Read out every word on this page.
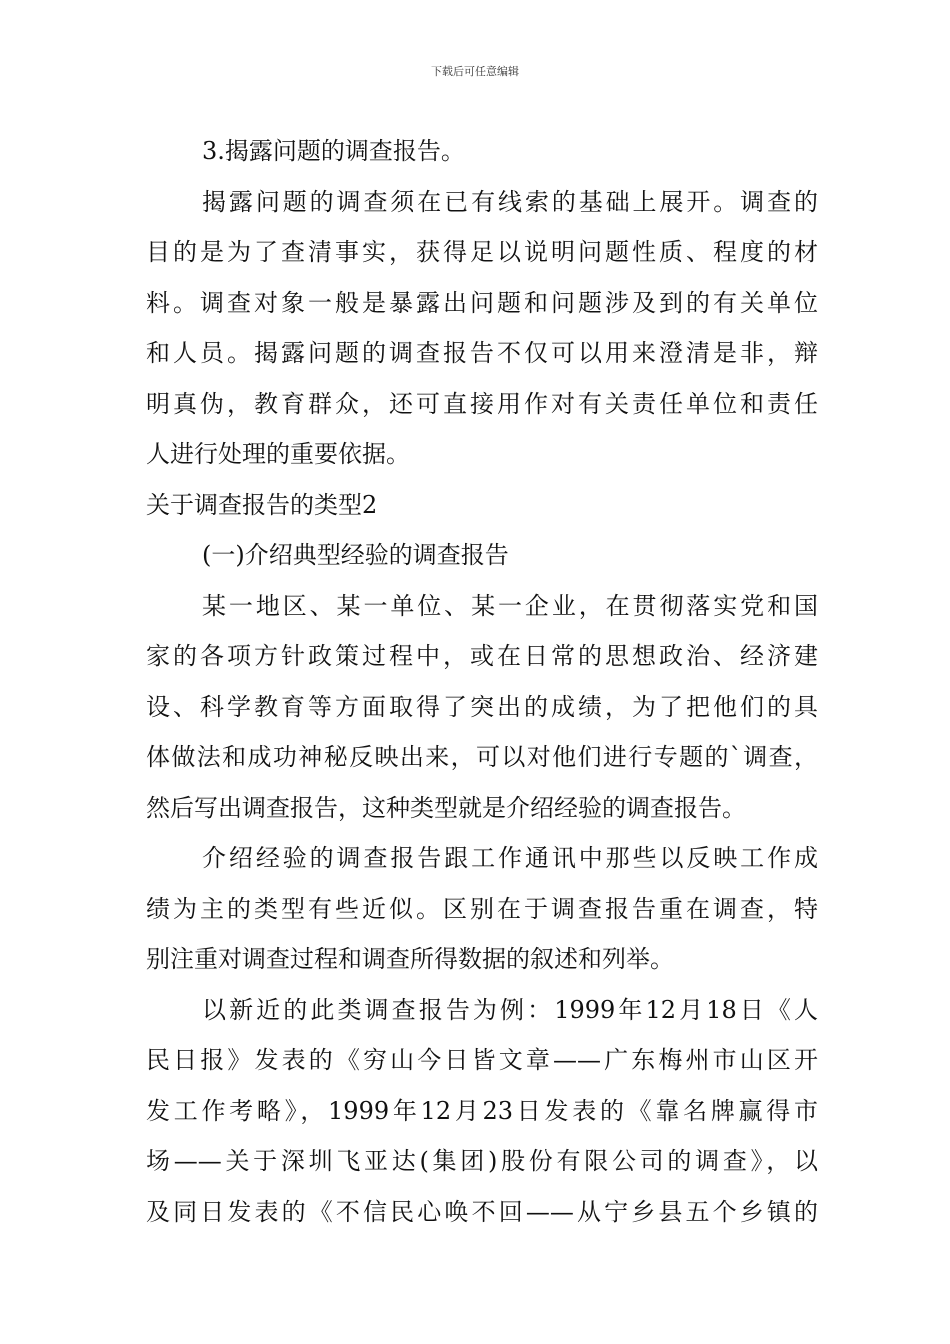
下载后可任意编辑
3.揭露问题的调查报告。
揭露问题的调查须在已有线索的基础上展开。调查的
目的是为了查清事实，获得足以说明问题性质、程度的材
料。调查对象一般是暴露出问题和问题涉及到的有关单位
和人员。揭露问题的调查报告不仅可以用来澄清是非，辩
明真伪，教育群众，还可直接用作对有关责任单位和责任
人进行处理的重要依据。
关于调查报告的类型2
(一)介绍典型经验的调查报告
某一地区、某一单位、某一企业，在贯彻落实党和国
家的各项方针政策过程中，或在日常的思想政治、经济建
设、科学教育等方面取得了突出的成绩，为了把他们的具
体做法和成功神秘反映出来，可以对他们进行专题的`调查，
然后写出调查报告，这种类型就是介绍经验的调查报告。
介绍经验的调查报告跟工作通讯中那些以反映工作成
绩为主的类型有些近似。区别在于调查报告重在调查，特
别注重对调查过程和调查所得数据的叙述和列举。
以新近的此类调查报告为例：1999年12月18日《人
民日报》发表的《穷山今日皆文章——广东梅州市山区开
发工作考略》，1999年12月23日发表的《靠名牌赢得市
场——关于深圳飞亚达(集团)股份有限公司的调查》，以
及同日发表的《不信民心唤不回——从宁乡县五个乡镇的
